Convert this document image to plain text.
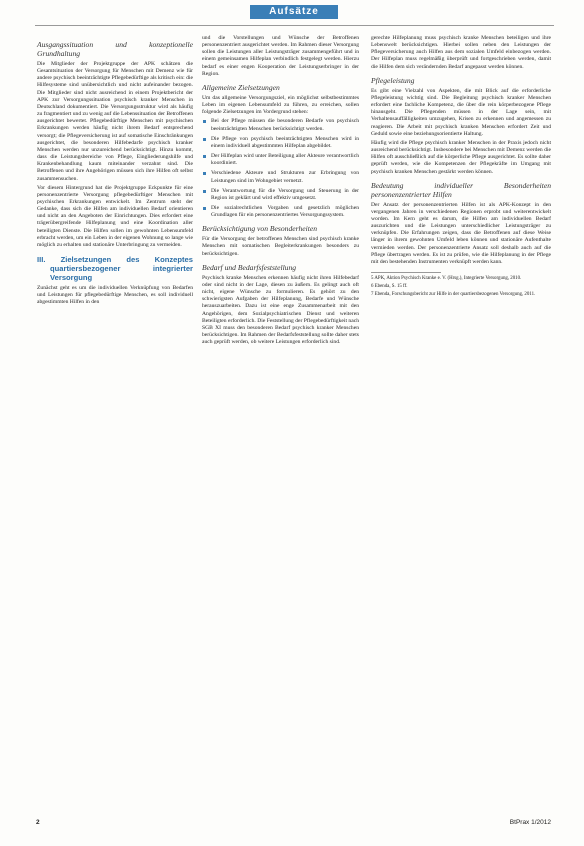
Aufsätze
Ausgangssituation und konzeptionelle Grundhaltung

Die Mitglieder der Projektgruppe der APK schätzen die Gesamtsituation der Versorgung für Menschen mit Demenz wie für andere psychisch beeinträchtigte Pflegebedürftige als kritisch ein: die Hilfesysteme sind unübersichtlich und nicht aufeinander bezogen. Die Mitglieder sind nicht ausreichend in einem Projektbericht der APK zur Versorgungssituation psychisch kranker Menschen in Deutschland dokumentiert. Die Versorgungsstruktur wird als häufig zu fragmentiert und zu wenig auf die Lebenssituation der Betroffenen ausgerichtet bewertet. Pflegebedürftige Menschen mit psychischen Erkrankungen werden häufig nicht ihrem Bedarf entsprechend versorgt; die Pflegeversicherung ist auf somatische Einschränkungen ausgerichtet, die besonderen Hilfebedarfe psychisch kranker Menschen werden nur unzureichend berücksichtigt. Hinzu kommt, dass die Leistungsbereiche von Pflege, Eingliederungshilfe und Krankenbehandlung kaum miteinander verzahnt sind. Die Betroffenen und ihre Angehörigen müssen sich ihre Hilfen oft selbst zusammensuchen.

Vor diesem Hintergrund hat die Projektgruppe Eckpunkte für eine personenzentrierte Versorgung pflegebedürftiger Menschen mit psychischen Erkrankungen entwickelt. Im Zentrum steht der Gedanke, dass sich die Hilfen am individuellen Bedarf orientieren und nicht an den Angeboten der Einrichtungen. Dies erfordert eine trägerübergreifende Hilfeplanung und eine Koordination aller beteiligten Dienste. Die Hilfen sollen im gewohnten Lebensumfeld erbracht werden, um ein Leben in der eigenen Wohnung so lange wie möglich zu erhalten und stationäre Unterbringung zu vermeiden.

III. Zielsetzungen des Konzeptes quartiersbezogener integrierter Versorgung

Zunächst geht es um die individuellen Verknüpfung von Bedarfen und Leistungen für pflegebedürftige Menschen, es soll individuell abgestimmten Hilfen in den

und die Vorstellungen und Wünsche der Betroffenen personenzentriert ausgerichtet werden. Im Rahmen dieser Versorgung sollen die Leistungen aller Leistungsträger zusammengeführt und in einem gemeinsamen Hilfeplan verbindlich festgelegt werden. Hierzu bedarf es einer engen Kooperation der Leistungserbringer in der Region.

Allgemeine Zielsetzungen

Um das allgemeine Versorgungsziel, ein möglichst selbstbestimmtes Leben im eigenen Lebensumfeld zu führen, zu erreichen, sollen folgende Zielsetzungen im Vordergrund stehen:

Bei der Pflege müssen die besonderen Bedarfe von psychisch beeinträchtigten Menschen berücksichtigt werden.
Die Pflege von psychisch beeinträchtigten Menschen wird in einem individuell abgestimmten Hilfeplan abgebildet.
Der Hilfeplan wird unter Beteiligung aller Akteure verantwortlich koordiniert.
Verschiedene Akteure und Strukturen zur Erbringung von Leistungen sind im Wohngebiet vernetzt.
Die Verantwortung für die Versorgung und Steuerung in der Region ist geklärt und wird effektiv umgesetzt.
Die sozialrechtlichen Vorgaben und gesetzlich möglichen Grundlagen für ein personenzentriertes Versorgungssystem.
Berücksichtigung von Besonderheiten

Für die Versorgung der betroffenen Menschen sind psychisch kranke Menschen mit somatischen Begleiterkrankungen besonders zu berücksichtigen.

Bedarf und Bedarfsfeststellung

Psychisch kranke Menschen erkennen häufig nicht ihren Hilfebedarf oder sind nicht in der Lage, diesen zu äußern. Es gelingt auch oft nicht, eigene Wünsche zu formulieren. Es gehört zu den schwierigsten Aufgaben der Hilfeplanung, Bedarfe und Wünsche herauszuarbeiten. Dazu ist eine enge Zusammenarbeit mit den Angehörigen, dem Sozialpsychiatrischen Dienst und weiteren Beteiligten erforderlich. Die Feststellung der Pflegebedürftigkeit nach SGB XI muss den besonderen Bedarf psychisch kranker Menschen berücksichtigen. Im Rahmen der Bedarfsfeststellung sollte daher stets auch geprüft werden, ob weitere Leistungen erforderlich sind.

gerechte Hilfeplanung muss psychisch kranke Menschen beteiligen und ihre Lebenswelt berücksichtigen. Hierbei sollen neben den Leistungen der Pflegeversicherung auch Hilfen aus dem sozialen Umfeld einbezogen werden. Der Hilfeplan muss regelmäßig überprüft und fortgeschrieben werden, damit die Hilfen dem sich verändernden Bedarf angepasst werden können.

Pflegeleistung

Es gibt eine Vielzahl von Aspekten, die mit Blick auf die erforderliche Pflegeleistung wichtig sind. Die Begleitung psychisch kranker Menschen erfordert eine fachliche Kompetenz, die über die rein körperbezogene Pflege hinausgeht. Die Pflegenden müssen in der Lage sein, mit Verhaltensauffälligkeiten umzugehen, Krisen zu erkennen und angemessen zu reagieren. Die Arbeit mit psychisch kranken Menschen erfordert Zeit und Geduld sowie eine beziehungsorientierte Haltung.

Häufig wird die Pflege psychisch kranker Menschen in der Praxis jedoch nicht ausreichend berücksichtigt. Insbesondere bei Menschen mit Demenz werden die Hilfen oft ausschließlich auf die körperliche Pflege ausgerichtet. Es sollte daher geprüft werden, wie die Kompetenzen der Pflegekräfte im Umgang mit psychisch kranken Menschen gestärkt werden können.

Bedeutung individueller Besonderheiten personenzentrierter Hilfen

Der Ansatz der personenzentrierten Hilfen ist als APK-Konzept in den vergangenen Jahren in verschiedenen Regionen erprobt und weiterentwickelt worden. Im Kern geht es darum, die Hilfen am individuellen Bedarf auszurichten und die Leistungen unterschiedlicher Leistungsträger zu verknüpfen. Die Erfahrungen zeigen, dass die Betroffenen auf diese Weise länger in ihrem gewohnten Umfeld leben können und stationäre Aufenthalte vermieden werden. Der personenzentrierte Ansatz soll deshalb auch auf die Pflege übertragen werden. Es ist zu prüfen, wie die Hilfeplanung in der Pflege mit den bestehenden Instrumenten verknüpft werden kann.

5 APK, Aktion Psychisch Kranke e. V. (Hrsg.), Integrierte Versorgung, 2010.

6 Ebenda, S. 15 ff.

7 Ebenda, Forschungsbericht zur Hilfe in der quartiersbezogenen Versorgung, 2011.

2	BtPrax 1/2012
